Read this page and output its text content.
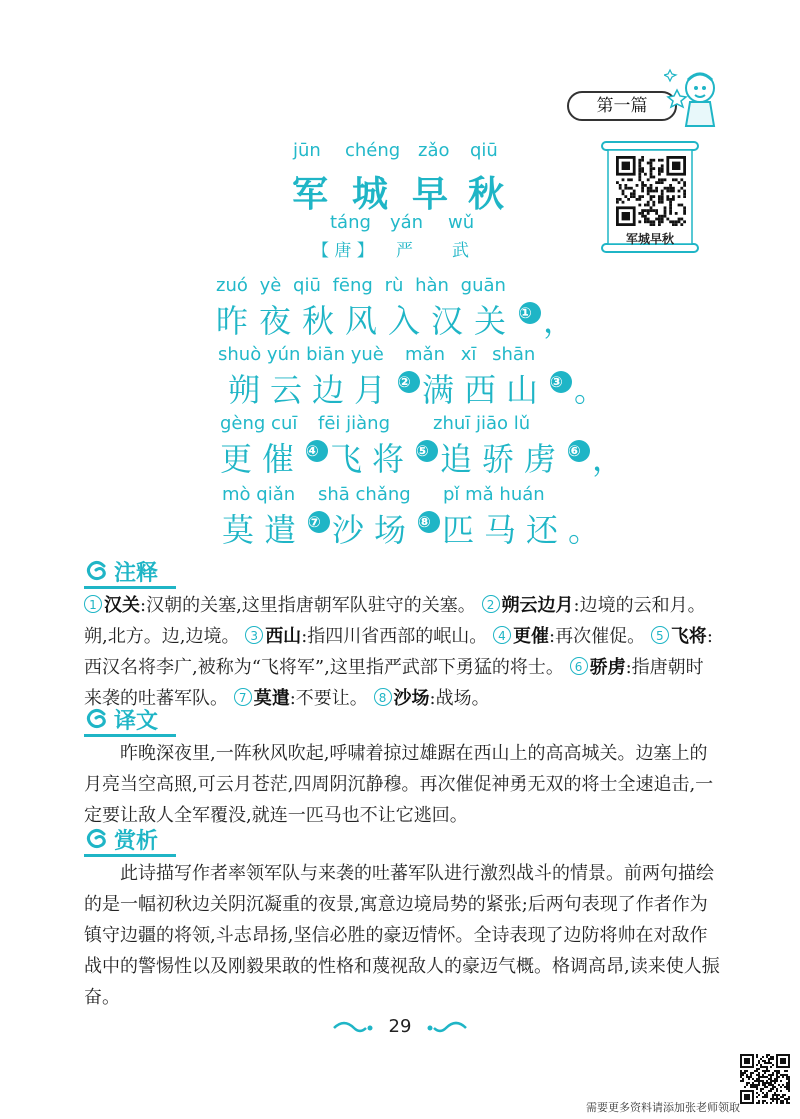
第一篇
军城早秋
jūn chéng zǎo qiū
军 城 早 秋
táng yán wǔ
【 唐 】 严 武
zuó yè qiū fēng rù hàn guān
昨夜秋风入汉关 ①，
shuò yún biān yuè mǎn xī shān
朔云边月 ②满西山 ③。
gèng cuī fēi jiàng zhuī jiāo lǔ
更催 ④飞将 ⑤追骄虏 ⑥，
mò qiǎn shā chǎng pǐ mǎ huán
莫遣 ⑦沙场 ⑧匹马还。
注释
1 汉关:汉朝的关塞,这里指唐朝军队驻守的关塞。 2 朔云边月:边境的云和月。朔,北方。边,边境。 3 西山:指四川省西部的岷山。 4 更催:再次催促。 5 飞将:西汉名将李广,被称为“飞将军”,这里指严武部下勇猛的将士。 6 骄虏:指唐朝时来袭的吐蕃军队。 7 莫遣:不要让。 8 沙场:战场。
译文
昨晚深夜里,一阵秋风吹起,呼啸着掠过雄踞在西山上的高高城关。边塞上的月亮当空高照,可云月苍茫,四周阴沉静穆。再次催促神勇无双的将士全速追击,一定要让敌人全军覆没,就连一匹马也不让它逃回。
赏析
此诗描写作者率领军队与来袭的吐蕃军队进行激烈战斗的情景。前两句描绘的是一幅初秋边关阴沉凝重的夜景,寓意边境局势的紧张;后两句表现了作者作为镇守边疆的将领,斗志昂扬,坚信必胜的豪迈情怀。全诗表现了边防将帅在对敌作战中的警惕性以及刚毅果敢的性格和蔑视敌人的豪迈气概。格调高昂,读来使人振奋。
29
需要更多资料请添加张老师领取
